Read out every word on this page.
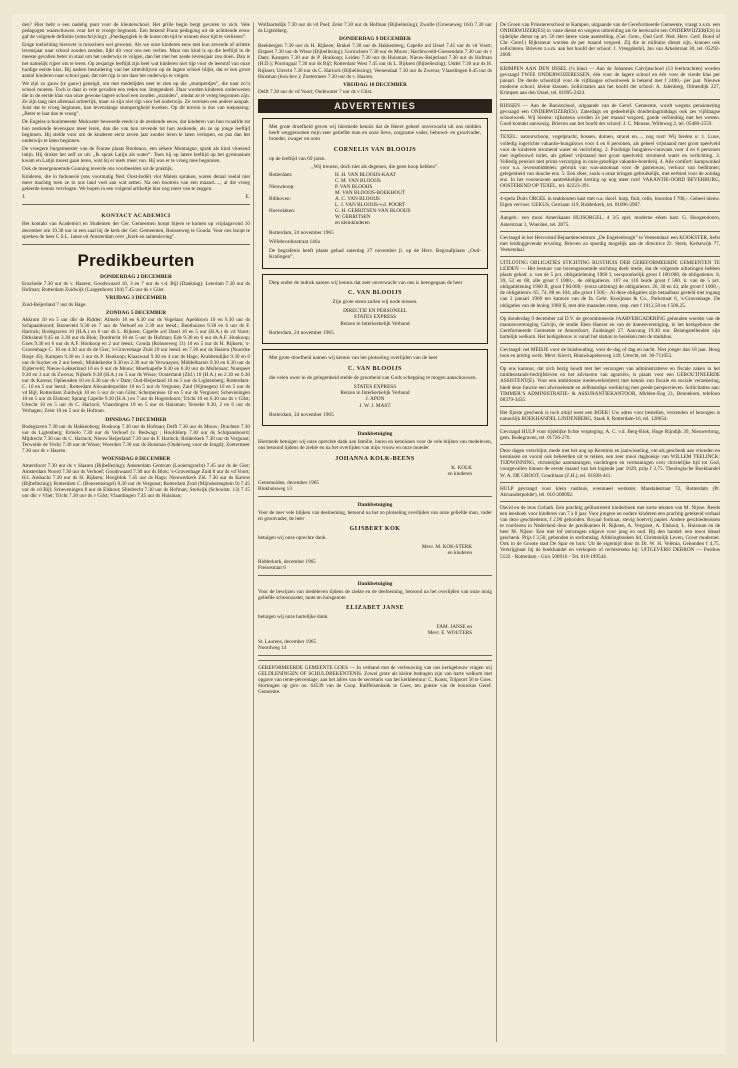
den? Hier hebt u een nadelig punt voor de kleuterschool. Het prille begin bergt gevaren in zich. Vele pedagogen waarschuwen voor het te vroege beginnen. Een bekend Frans pedagoog uit de achttiende eeuw gaf de volgende definitie (omschrijving): „Paedagogiek is de kunst om tijd te winnen door tijd te verliezen”.

Enige toelichting hierover is misschien wel gewenst. Als we onze kinderen eens met hun zevende of achtste levensjaar naar school zouden zenden, lijkt dit voor ons een verlies. Maar ons kind is op die leeftijd in de meeste gevallen beter in staat om het onderwijs te volgen, dan het met het zesde levensjaar zou doen. Dan is het namelijk rijper om te leren. Op zesjarige leeftijd zijn heel wat kinderen niet rijp voor de leerstof van onze huidige eerste klas. Bij nadere bestudering van het zittenblijven op de lagere school blijkt, dat er een groot aantal kinderen naar school gaat, dat niet rijp is om daar het onderwijs te volgen.

We zijn zo gauw (te gauw) geneigd, om met medelijden neer te zien op die „stumperdjes”, die naar zo’n school moeten. Toch is daar in vele gevallen een reden toe. Integendeel. Daar worden kinderen onderwezen die in de eerste klas van onze gewone lagere school een zouden „stranden”, omdat ze te vroeg begonnen zijn. Ze zijn lang niet allemaal achterlijk, maar ze zijn niet rijp voor het onderwijs. Ze vereisen een andere aanpak. Juist dat te vroeg beginnen, kan levenslange stumperigheid kweken. Op dit terrein is dus van toepassing: „Beter te laat dan te vroeg”.

De Engelse schoolmeester Mulcaster beweerde reeds in de zestiende eeuw, dat kinderen van hun twaalfde tot hun zestiende levensjaar meer leren, dan die van hun zevende tot hun zestiende, als ze op jonge leeftijd beginnen. Hij stelde voor om de kinderen eerst zeven jaar zonder leren te laten verlopen, en pas dan het onderwijs te laten beginnen.

De vroegere burgemeester van de Franse plaats Bordeaux, een zekere Montaigne, sprak als kind vloeiend latijn. Hij drukte het zelf zo uit: „Ik sprak Latijn als water”. Toen hij op latere leeftijd op het gymnasium kwam en Latijn moest gaan leren, wist hij er niets meer van. Hij was er te vroeg mee begonnen.

Ook de meergenoemde Gunning leverde ons voorbeelden uit de praktijk.

Kinderen, die in Indonesië (ons voormalig Ned. Oost-Indië) vlot Maleis spraken, waren detaal veelal niet meer machtig toen ze in ons land voet aan wal zetten. Na een bootreis van een maand....., al die vroeg geleerde kennis vervlogen. We hopen in een volgend artikeltje hier nog meer van te zeggen.

J.	E.
KONTACT ACADEMICI

Het kontakt van Academici en Studenten der Ger. Gemeenten hoopt bijeen te komen op vrijdagavond 10 december om 19.30 uur in een zaal bij de kerk der Ger. Gemeenten, Ronsseweg te Gouda. Voor ons hoopt te spreken de heer C.S.L. Janse uit Amsterdam over „Kerk en samenleving”.

Predikbeurten
DONDERDAG 2 DECEMBER

Enschede 7.30 uur ds v. Haaren; Goudswaard 10, 3 en 7 uur ds v.d. Bijl (Dankdag); Leerdam 7.30 uur ds Hofman; Rotterdam Zuidwijk (Langenhorst 104) 7.45 uur ds v Gilst.

VRIJDAG 3 DECEMBER

Zuid-Beijerland 7 uur ds Hage.

ZONDAG 5 DECEMBER

Akkrum 10 en 5 uur dhr de Ridder; Almelo 10 en 6.30 uur ds Vogelaar; Apeldoorn 10 en 6.30 uur ds Schipaanboord; Barneveld 9.30 en 7 uur de Verhoef en 2.30 uur leesd.; Benthuizen 9.30 en 6 uur ds F. Harinck; Bodegraven 10 (H.A.) en 6 uur ds L. Rijksen; Capelle a/d IJssel 10 en 5 uur (H.A.) ds vd Voort; Dirksland 9.45 en 3.30 uur ds Blok; Dordrecht 10 en 5 uur ds Hofman; Ede 9.30 en 6 uur ds A.F. Honkoop; Goes 9.30 en 6 uur ds A.F. Honkoop en 2 uur leesd.; Gouda (Ronsseweg 11) 10 en 5 uur ds H. Rijksen; 's-Gravenhage C. 10 en 4.30 uur ds de Gier; 's-Gravenhage Zuid 10 uur leesd. en 7.30 uur ds Haaren (Noordse Bosje 45); Kampen 9.30 en 3 uur ds P. Honkoop; Klaaswaal 9.30 en 4 uur ds Hage; Krabbendijke 9.30 en 6 uur ds Suyker en 2 uur leesd.; Middelkerke 9.30 en 2.30 uur ds Verwaayen; Middelharnis 9.30 en 6.30 uur ds Zijderveld; Nieuw-Lekkerland 10 en 6 uur ds Mouw; Moerkapelle 9.30 en 6.30 uur ds Mollenaar; Nunspeet 9.30 en 3 uur ds Zwerus; Nijkerk 9.30 (H.A.) en 5 uur ds Wisse; Oosterland (Zld.) 10 (H.A.) en 2.30 en 6.30 uur ds Karens; Opheusden 10 en 6.30 uur ds v Dam; Oud-Beijerland 10 en 5 uur ds Lightenberg; Rotterdam-C. 10 en 5 uur leesd.; Rotterdam Alexanderpolder 10 en 5 uur ds Vergunst; Zaid (Nijmegen) 10 en 5 uur ds vd Bijl; Rotterdam Zuidwijk 10 en 5 uur ds van Gilst; Scherpenisse 10 en 5 uur ds Vergunst; Scheveningen 10 en 5 uur ds Elshout; Sprang Capelle 9.30 (H.A.) en 7 uur ds Hogendoorn; Tricht 10 en 6.30 uur ds v Gilst; Utrecht 10 en 5 uur ds C. Harinck; Vlaardingen 10 en 5 uur ds Huisman; Yerseke 9.30, 2 en 6 uur ds Verhagen; Zeist 10 en 5 uur ds Hofman.

DINSDAG 7 DECEMBER

Bodegraven 7.30 uur ds Hakkenberg; Boskoop 7.30 uur ds Hofman; Delft 7.30 uur ds Mouw; Drachten 7.30 uur ds Ligtenberg; Ermelo 7.30 uur ds Verhoef (v. Bedwag) ; Hoofddorp 7.30 uur ds Schipaanboord; Mijdrecht 7.30 uur ds C. Harinck; Nieuw Beijerland 7.30 uur ds F. Harinck; Ridderkerk 7.30 uur ds Vergunst; Terwolde de Vecht 7.30 uur ds Wisse; Woerden 7.30 uur ds Huisman (Onderweg voor de Jeugd); Zoetermeer 7.30 uur ds v Haaren.

WOENSDAG 8 DECEMBER

Amersfoort 7.30 uur ds v Haaren (Bijbellezing); Amsterdam Centrum (Looiersgracht) 7.45 uur ds de Gier; Amsterdam Noord 7.30 uur ds Verhoef; Goudswaard 7.30 uur ds Blok; 's-Gravenhage Zuid 8 uur ds vd Voort; H.I. Ambacht 7.30 uur ds H. Rijksen; Hoogblok 7.45 uur ds Hage; Nieuwerkerk Zld. 7.30 uur ds Karens (Bijbellezing); Rotterdam C. (Boezemsingel) 8.30 uur ds Vergunst; Rotterdam Zuid (Mijnsherenplein 9) 7.45 uur ds vd Bijl; Scheveningen 8 uur ds Elshout; Sliedrecht 7.30 uur ds Hofman; Stolwijk (Schoolstr. 13) 7.15 uur dhr v Vliet; Tricht 7.30 uur ds v Gilst; Vlaardingen 7.45 uur ds Huisman;

Wolfaartsdijk 7.30 uur ds vd Poel; Zeist 7.30 uur ds Hofman (Bijbellezing); Zwolle (Groeneweg 164) 7.30 uur ds Ligtenberg.

DONDERDAG 9 DECEMBER

Beekbergen 7.30 uur ds H. Rijksen; Brakel 7.30 uur ds Hakkenberg; Capelle a/d IJssel 7.45 uur ds vd Voort; Elspeet 7.30 uur ds Wisse (Bijbellezing); Gorinchem 7.30 uur ds Mouw; Hardinxveld-Giessendam 7.30 uur ds v Dam; Kampen 7.30 uur ds P. Honkoop; Leiden 7.30 uur ds Huisman; Nieuw-Beijerland 7.30 uur ds Hofman (H.D.); Poortugaal 7.30 uur ds Bijl; Rotterdam West 7.45 uur ds L. Rijksen (Bijbellezing); Uddel 7.30 uur ds H. Rijksen; Utrecht 7.30 uur ds C. Harinck (Bijbellezing); Veenendaal 7.30 uur ds Zwerus; Vlaardingen 8.45 uur ds Huisman (huw.bev.); Zoetermeer 7.30 uur ds v. Haaren.

VRIJDAG 10 DECEMBER

Delft 7.30 uur ds vd Voort; Oudewater 7 uur ds v Gilst.

ADVERTENTIES

Met grote droefheid geven wij hiermede kennis dat de Heere geheel onverwacht uit ons midden heeft weggenomen mijn zeer geliefde man en onze lieve, zorgzame vader, behuwd- en grootvader, broeder, zwager en oom

CORNELIS VAN BLOOIJS

op de leeftijd van 69 jaren.

„Wij treuren, doch niet als degenen, die geen hoop hebben”.

Rotterdam:	H. H. VAN BLOOIJS-KAAT
C. M. VAN BLOOIJS
Nieuwkoop:	P. VAN BLOOIJS
M. VAN BLOOIJS-BOEKHOUT
Bilthoven:	A. C. VAN BLOOIJS
L. J. VAN BLOOIJS-v.d. POORT
Hoevelaken:	G. H. GERRITSEN-VAN BLOOIJS
W. GERRITSEN
en kleinkinderen

Rotterdam, 24 november 1965

Willebrordusstraat 146a

De begrafenis heeft plaats gehad zaterdag 27 november jl. op de Herv. Begraafplaats „Oud-Kralingen”.

Diep onder de indruk namen wij kennis dat zeer onverwacht van ons is heengegaan de heer

C. VAN BLOOIJS

Zijn grote steun zullen wij node missen.

DIRECTIE EN PERSONEEL
STATES EXPRESS
Reizen in Interkerkelijk Verband

Rotterdam, 24 november 1965

Met grote droefheid namen wij kennis van het plotseling overlijden van de heer

C. VAN BLOOIJS

die velen uwer in de gelegenheid stelde de grootheid van Gods schepping te mogen aanschouwen.

STATES EXPRESS
Reizen in Interkerkelijk Verband
J. APON
J. W. J. MAST

Rotterdam, 24 november 1965

Dankbetuiging

Hiermede betuigen wij onze oprechte dank aan familie, buren en kennissen voor de vele blijken van medeleven, ons betoond tijdens de ziekte en na het overlijden van mijn vrouw en onze moeder

JOHANNA KOLK-BEENS
K. KOLK
en kinderen

Genemuiden, december 1965
Blokhuisweg 13

Dankbetuiging

Voor de zeer vele blijken van deelneming, betoond na het zo plotseling overlijden van onze geliefde man, vader en grootvader, de heer

GIJSBERT KOK

betuigen wij onze oprechte dank.

Mevr. M. KOK-STERK
en kinderen

Ridderkerk, december 1965
Freisestraat 6

Dankbetuiging

Voor de bewijzen van medeleven tijdens de ziekte en de deelneming, betoond na het overlijden van onze innig geliefde schoonzuster, tante en huisgenote

ELIZABET JANSE

betuigen wij onze hartelijke dank.

FAM. JANSE en
Mevr. E. WOUTERS

St. Laurens, december 1965
Noordweg 14

GEREFORMEERDE GEMEENTE GOES — In verband met de verbouwing van ons kerkgebouw vragen wij GELDLENINGEN OF SCHULDBEKENTENIS. Zowel grote als kleine bedragen zijn van harte welkom met opgave van rente-percentage, aan het adres van de secretaris van het kerkbestuur: C. Kunst, Tolpoort 56 te Goes. Stortingen op giro no. 64539 van de Coop. Raiffeisenbank te Goes, ten gunste van de bouwkas Geref. Gemeente.

De Groen van Prinstererschool te Kampen, uitgaande van de Gereformeerde Gemeente, vraagt z.s.m. een ONDERWIJZER(ES) in vaste dienst en wegens uitbreiding als 6e leerkracht een ONDERWIJZER(ES) in tijdelijke dienst op art. 56 met latere vaste aanstelling. (Ger. Gem., Oud Gerf. Ned. Herv. Gerf. Bond of Chr. Geref.) Rijkssteun worden de per maand vergoed. Zij die in militaire dienst zijn, kunnen ook solliciteren. Brieven z.s.m. aan het hoofd der school: J. Vreugdenhil, Jan van Arkelstraat 30, tel. 05292-2609.

KRIMPEN AAN DEN IJSSEL (¼ klas) — Aan de Johannes Calvijnschool (13 leerkrachten) worden gevraagd TWEE ONDERWIJZERESSEN, één voor de lagere school en één voor de vierde klas per januari. De derde schooltijd voor de vijfdaagse schoolweek is bekend met f 2400,- per jaar. Nieuwe moderne school, kleine klassen. Sollicitaties aan het hoofd der school: A. Jalenberg, Olmendijk 227, Krimpen aan den IJssel, tel. 01895-2424.

RIJSSEN — Aan de Banisschool, uitgaande van de Geref. Gemeente, wordt wegens pensionering gevraagd een ONDERWIJZER(ES). Zaterdags en gedeeltelijk donderdagmiddags ook zes vijfdaagse schoolweek. Wij bieden: rijkssteun worden 2x per maand vergoed, goede verbinding met het westen. Goed kontakt aanwezig. Brieven aan het hoofd der school: J. C. Meusse, Willeweg 2, tel. 05480-2559.

TEXEL: natuurschoon, vogelpracht, bossen, duinen, strand en..... nog rust! Wij bieden u: 1. Luxe, volledig ingerichte vakantie-bungalows voor 4 en 8 personen, als geheel vrijstaand met groot speelveld voor de kinderen stromend water en verlichting. 2. Prachtige bungalow-caravans voor 4 en 6 personen met ingebouwd toilet, als geheel vrijstaand met groot speelveld; stromend water en verlichting. 3. Volledig pension met prima verzorging in onze gezellige vakantie-boerderij. 4. Alle comfort: kampwinkel voor o.a. levensmiddelen; gebruik van was-automaat voor de gastenwas; verhuur van bedlinnen; gelegenheid van douche enz. 5. Een sfeer, zoals u onze kringen gebruikelijk, met eerbied voor de zondag enz. In het voorseizoen aantrekkelijke korting op nog meer rust! VAKANTIE-OORD BEVERBURG, OOSTEREND OP TEXEL, tel. 02223-391.

4-spela Duits ORGEL in teakhouten kast met o.a. doorl. harp, fluit, cello, bourdon f 700,-. Geheel nieuw. Eigen vervoer. GEKUS, Gerriaan 119, Ridderkerk, tel. 01896-2907.

Aangeb.: een mooi Amerikaans HUISORGEL, 4 3/5 spel, moderne eiken kast. G. Hoogendoorn, Asterstraat 1, Woerden, tel. 2875.

Gevraagd in het Hervormd Bejaardencentrum „De Engelenburgh” te Veenendaal: een KOOKSTER, liefst met leidinggevende ervaring. Brieven zo spoedig mogelijk aan de directrice Zr. Sterk, Kerkewijk 77, Veenendaal.

UITLOTING OBLIGATIES STICHTING RUSTHUIS DER GEREFORMEERDE GEMEENTEN TE LEIDEN — Het bestuur van bovengenoemde stichting deelt mede, dat de volgende uitlotingen hebben plaats gehad: a. van de 5 pct. obligatielening 1960 I, oorspronkelijk groot f 100.000, de obligatienrs. 8, 39, 53 en 68, alle groot f 1000,-, de obligatienrs. 107 en 116 beide groot f 500. b. van de 5 pct. obligatielening 1960 II, groot f 80.000,- (extra uitloting) de obligatienrs. 26, 30 en 43, alle groot f 1000,-, de obligatienrs. 65, 74, 88 en 104, alle groot f 500,-. Al deze obligaties zijn betaalbaar gesteld met ingang van 2 januari 1966 ten kantore van de fa. Gebr. Kooijman & Co., Parkstraat 6, 's-Gravenhage. De obligaties van de lening 1960 II, met drie maanden rente, resp. met f 1012,50 en f 506,25.

Op donderdag 9 december zal D.V. de gecombineerde JAARVERGADERING gehouden worden van de mannenvereniging Calvijn, de studie Eben Haezer en van de damesvereniging, in het kerkgebouw der Gereformeerde Gemeente te Amersfoort, Zuidsingel 27. Aanvang 19.30 uur. Belangstellenden zijn hartelijk welkom. Het kerkgebouw is vanaf het station te bereiken met de stadsbus.

Gevraagd: net MEISJE voor de huishouding, voor de dag of dag en nacht. Niet jonger dan 18 jaar. Hoog loon en prettig werk. Mevr. Kievit, Blauwkapelseweg 149, Utrecht, tel. 30-711053.

Op ons kantoor, dat zich bezig houdt met het verzorgen van administratieve en fiscale zaken in het middenstands-bedrijfsleven en het adviseren van agrariërs, is plaats voor een GEROUTINEERDE ASSISTENT(E). Voor een ambitieuze medewerker(ster) met kennis van fiscale en sociale verzekering, biedt deze functie een afwisselende en zelfstandige werkkring met goede perspectieven. Sollicitaties aan: TIMMER’S ADMINISTRATIE- & ASSURANTIEKANTOOR, Midden-Eng 21, Bennekom, telefoon 08379-3435.

Het fijnste geschenk is toch altijd weer een BOEK! Uw adres voor bestellen, verzenden of bezorgen is natuurlijk BOEKHANDEL LINDENBERG, Staak 8, Rotterdam-16, tel. 128654.

Gevraagd HULP voor tijdelijke lichte verpleging. A. C. v.d. Berg-Blok, Hoge Rijndijk 39, Nieuwerbrug, gem. Bodegraven, tel. 01726-276.

Deze dagen verschijnt, mede met het oog op Kerstmis en jaarwisseling, om als geschenk aan vrienden en kennissen en vooral ook bekeerden uit te reiken, een zeer mooi dagboekje van WILLEM TEELINCK: TIJDWINNING, christelijke aanmaningen, nuchtingen en vermaningen over christelijke tijd tot God, voorgevallen binnen de eerste maand van het logende jaar 1629, prijs f 2,75. Theologische Boekhandel W. A. DE GROOT, Goudriaan (Z.H.), tel. 01838-441.

HULP gevraagd voor klein rusthuis, eventueel werkster. Mandalestraat 72, Rotterdam (Pr. Alexanderpolder), tel. 010-200092.

David en de reus Goliath. Een prachtig geïllustreerd kinderboek met korte teksten van M. Nijsse. Reeds een leesboek voor kinderen van 7 à 8 jaar. Voor jongere en oudere kinderen een prachtig getekend verhaal van deze geschiedenis, f 2,90 gebonden. Royaal formaat, stevig boetvrij papier. Andere geschiedenissen te voorlezen in Nederland door de predikanten H. Rijksen, A. Vergunst, A. Elshout, L. Huisman en de heer M. Nijsse. Een met lof ontvangen uitgave voor jong en oud. Bij den handel: een mooi ideaal geschenk. Prijs f 3,50, gebonden in stofomslag. Afdelingboeken lid, Christenlijk Leven, Groot moderner. Ook in de Groote stad De Spar en huis: Uit de eigentijd door ds Dr. W. H. Velema, Gebonden f 4,75. Verkrijgbaar bij de boekhandel en verkopers of rechtstreeks bij: UITGEVERIJ DEBRON — Postbus 5122 - Rotterdam - Giro 506916 - Tel. 010-199544.
